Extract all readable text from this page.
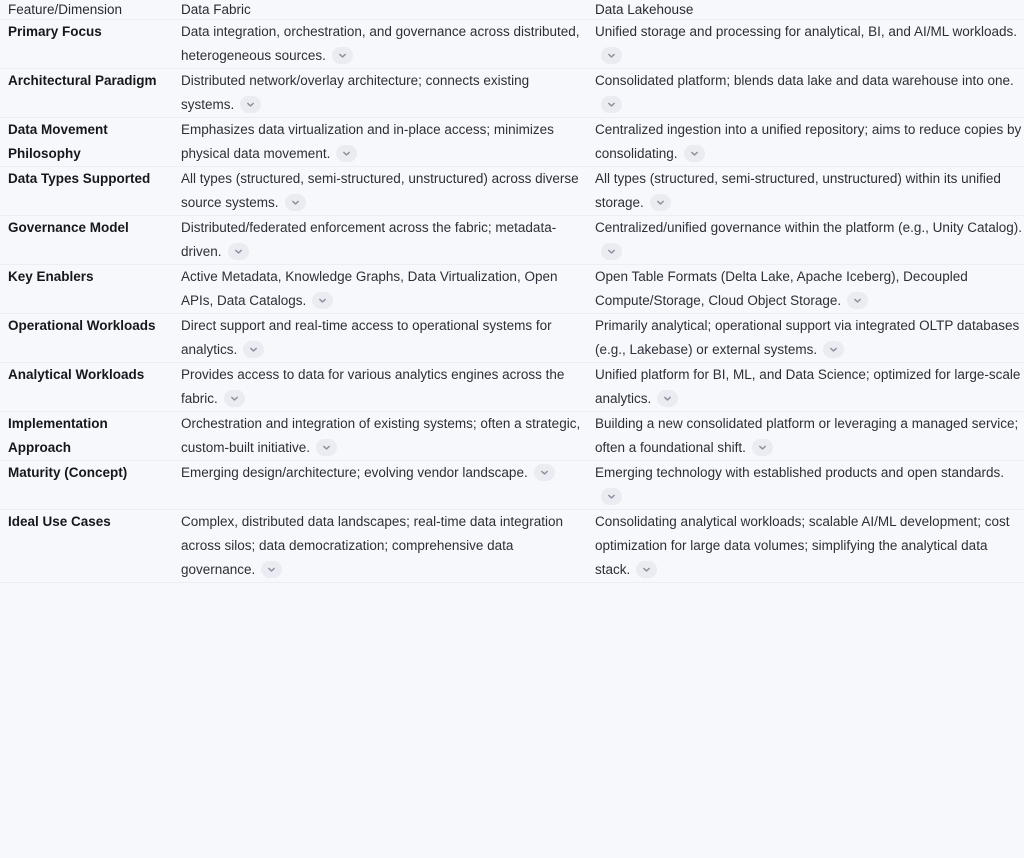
Feature/Dimension	Data Fabric	Data Lakehouse
Primary Focus	Data integration, orchestration, and governance across distributed, heterogeneous sources.	Unified storage and processing for analytical, BI, and AI/ML workloads.

Architectural Paradigm	Distributed network/overlay architecture; connects existing systems.	Consolidated platform; blends data lake and data warehouse into one.

Data Movement Philosophy	Emphasizes data virtualization and in-place access; minimizes physical data movement.	Centralized ingestion into a unified repository; aims to reduce copies by consolidating.

Data Types Supported	All types (structured, semi-structured, unstructured) across diverse source systems.	All types (structured, semi-structured, unstructured) within its unified storage.

Governance Model	Distributed/federated enforcement across the fabric; metadata-driven.	Centralized/unified governance within the platform (e.g., Unity Catalog).

Key Enablers	Active Metadata, Knowledge Graphs, Data Virtualization, Open APIs, Data Catalogs.	Open Table Formats (Delta Lake, Apache Iceberg), Decoupled Compute/Storage, Cloud Object Storage.

Operational Workloads	Direct support and real-time access to operational systems for analytics.	Primarily analytical; operational support via integrated OLTP databases (e.g., Lakebase) or external systems.

Analytical Workloads	Provides access to data for various analytics engines across the fabric.	Unified platform for BI, ML, and Data Science; optimized for large-scale analytics.

Implementation Approach	Orchestration and integration of existing systems; often a strategic, custom-built initiative.	Building a new consolidated platform or leveraging a managed service; often a foundational shift.

Maturity (Concept)	Emerging design/architecture; evolving vendor landscape.	Emerging technology with established products and open standards.

Ideal Use Cases	Complex, distributed data landscapes; real-time data integration across silos; data democratization; comprehensive data governance.	Consolidating analytical workloads; scalable AI/ML development; cost optimization for large data volumes; simplifying the analytical data stack.
